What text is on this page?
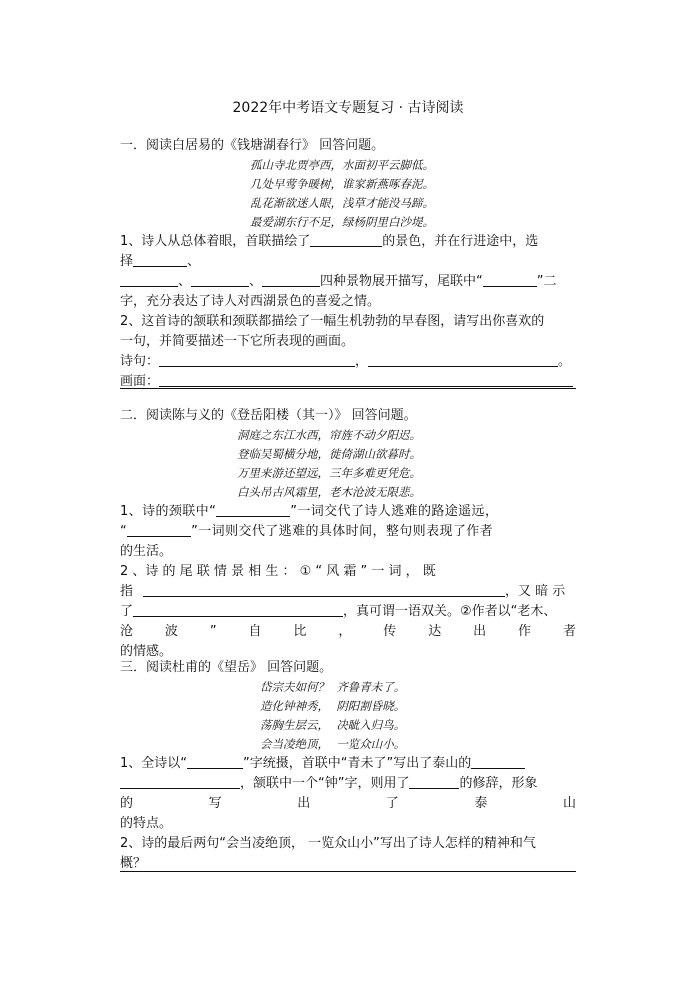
2022年中考语文专题复习 · 古诗阅读
一．阅读白居易的《钱塘湖春行》 回答问题。
孤山寺北贾亭西，水面初平云脚低。
几处早莺争暖树，谁家新燕啄春泥。
乱花渐欲迷人眼，浅草才能没马蹄。
最爱湖东行不足，绿杨阴里白沙堤。
1、诗人从总体着眼，首联描绘了	的景色，并在行进途中，选
择	、
、	、	四种景物展开描写，尾联中“	”二
字，充分表达了诗人对西湖景色的喜爱之情。
2、这首诗的颔联和颈联都描绘了一幅生机勃勃的早春图，请写出你喜欢的
一句，并简要描述一下它所表现的画面。
诗句：	，	。
画面：
二．阅读陈与义的《登岳阳楼（其一）》 回答问题。
洞庭之东江水西，帘旌不动夕阳迟。
登临吴蜀横分地，徙倚湖山欲暮时。
万里来游还望远，三年多难更凭危。
白头吊古风霜里，老木沧波无限悲。
1、诗的颈联中“	”一词交代了诗人逃难的路途遥远，
“	”一词则交代了逃难的具体时间，整句则表现了作者
的生活。
2 、诗 的 尾 联 情 景 相 生 ： ① “ 风 霜 ” 一 词 ， 既
指	，又 暗 示
了	，真可谓一语双关。②作者以“老木、
沧 波 ” 自 比 ， 传 达 出 作 者
的情感。
三．阅读杜甫的《望岳》 回答问题。
岱宗夫如何？ 齐鲁青未了。
造化钟神秀， 阴阳割昏晓。
荡胸生层云， 决眦入归鸟。
会当凌绝顶， 一览众山小。
1、全诗以“	”字统摄，首联中“青未了”写出了泰山的
，颔联中一个“钟”字，则用了	的修辞，形象
的	写	出	了	泰	山
的特点。
2、诗的最后两句“会当凌绝顶， 一览众山小”写出了诗人怎样的精神和气
概？
